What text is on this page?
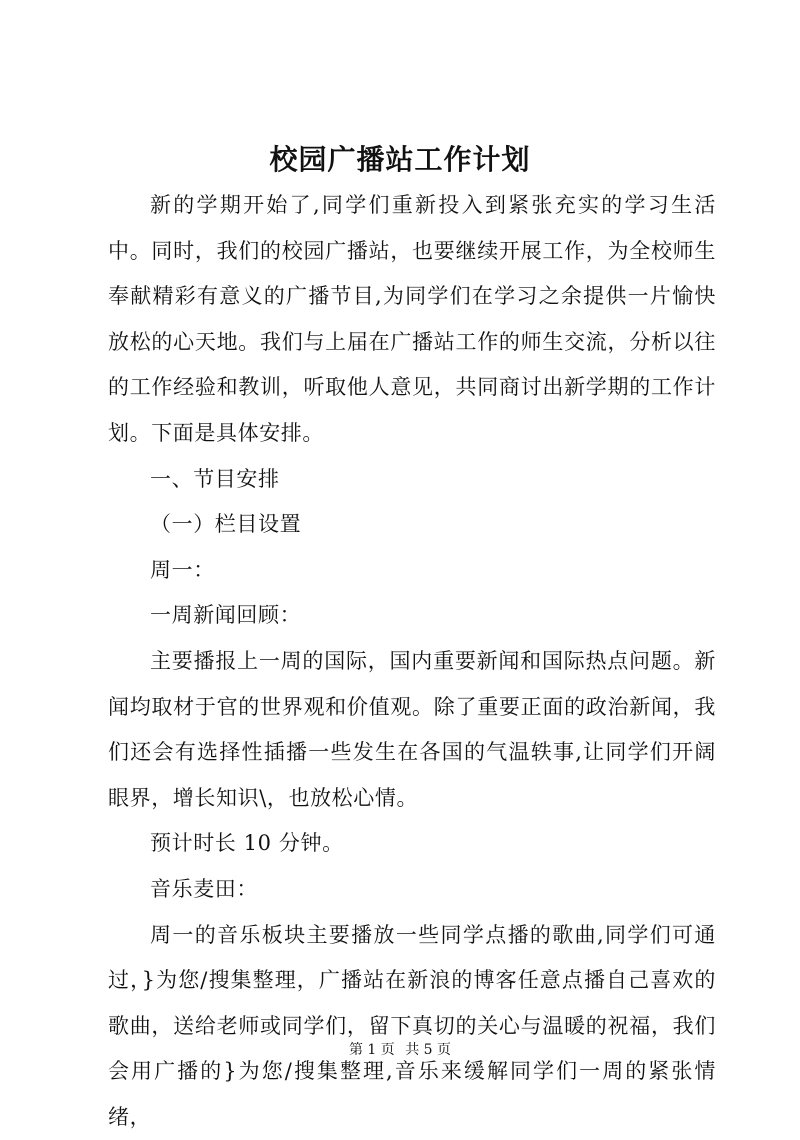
校园广播站工作计划

新的学期开始了,同学们重新投入到紧张充实的学习生活中。同时，我们的校园广播站，也要继续开展工作，为全校师生奉献精彩有意义的广播节目,为同学们在学习之余提供一片愉快放松的心天地。我们与上届在广播站工作的师生交流，分析以往的工作经验和教训，听取他人意见，共同商讨出新学期的工作计划。下面是具体安排。

一、节目安排

（一）栏目设置

周一：

一周新闻回顾：

主要播报上一周的国际，国内重要新闻和国际热点问题。新闻均取材于官的世界观和价值观。除了重要正面的政治新闻，我们还会有选择性插播一些发生在各国的气温轶事,让同学们开阔眼界，增长知识\，也放松心情。

预计时长 10 分钟。

音乐麦田：

周一的音乐板块主要播放一些同学点播的歌曲,同学们可通过，}为您/搜集整理，广播站在新浪的博客任意点播自己喜欢的歌曲，送给老师或同学们，留下真切的关心与温暖的祝福，我们会用广播的}为您/搜集整理,音乐来缓解同学们一周的紧张情绪，

第 1 页 共 5 页
